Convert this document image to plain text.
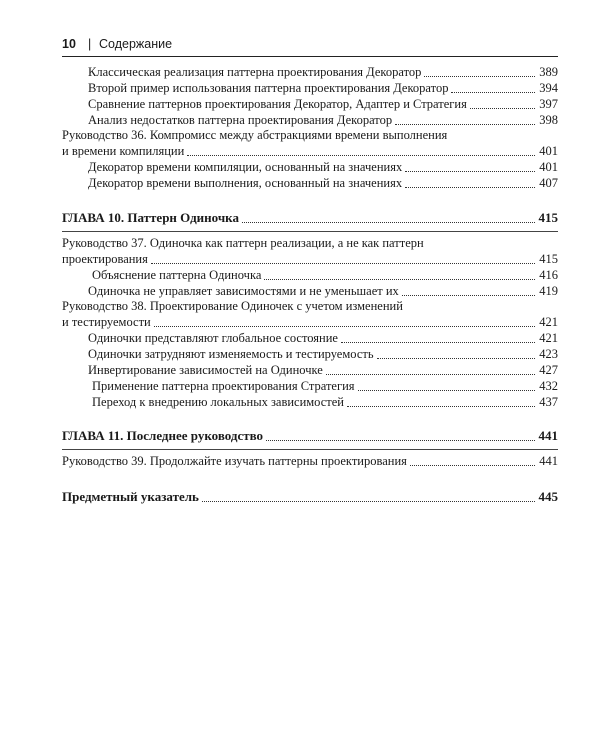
10 | Содержание
Классическая реализация паттерна проектирования Декоратор	389
Второй пример использования паттерна проектирования Декоратор	394
Сравнение паттернов проектирования Декоратор, Адаптер и Стратегия	397
Анализ недостатков паттерна проектирования Декоратор	398
Руководство 36. Компромисс между абстракциями времени выполнения
и времени компиляции	401
Декоратор времени компиляции, основанный на значениях	401
Декоратор времени выполнения, основанный на значениях	407
ГЛАВА 10. Паттерн Одиночка	415
Руководство 37. Одиночка как паттерн реализации, а не как паттерн
проектирования	415
Объяснение паттерна Одиночка	416
Одиночка не управляет зависимостями и не уменьшает их	419
Руководство 38. Проектирование Одиночек с учетом изменений
и тестируемости	421
Одиночки представляют глобальное состояние	421
Одиночки затрудняют изменяемость и тестируемость	423
Инвертирование зависимостей на Одиночке	427
Применение паттерна проектирования Стратегия	432
Переход к внедрению локальных зависимостей	437
ГЛАВА 11. Последнее руководство	441
Руководство 39. Продолжайте изучать паттерны проектирования	441
Предметный указатель	445
